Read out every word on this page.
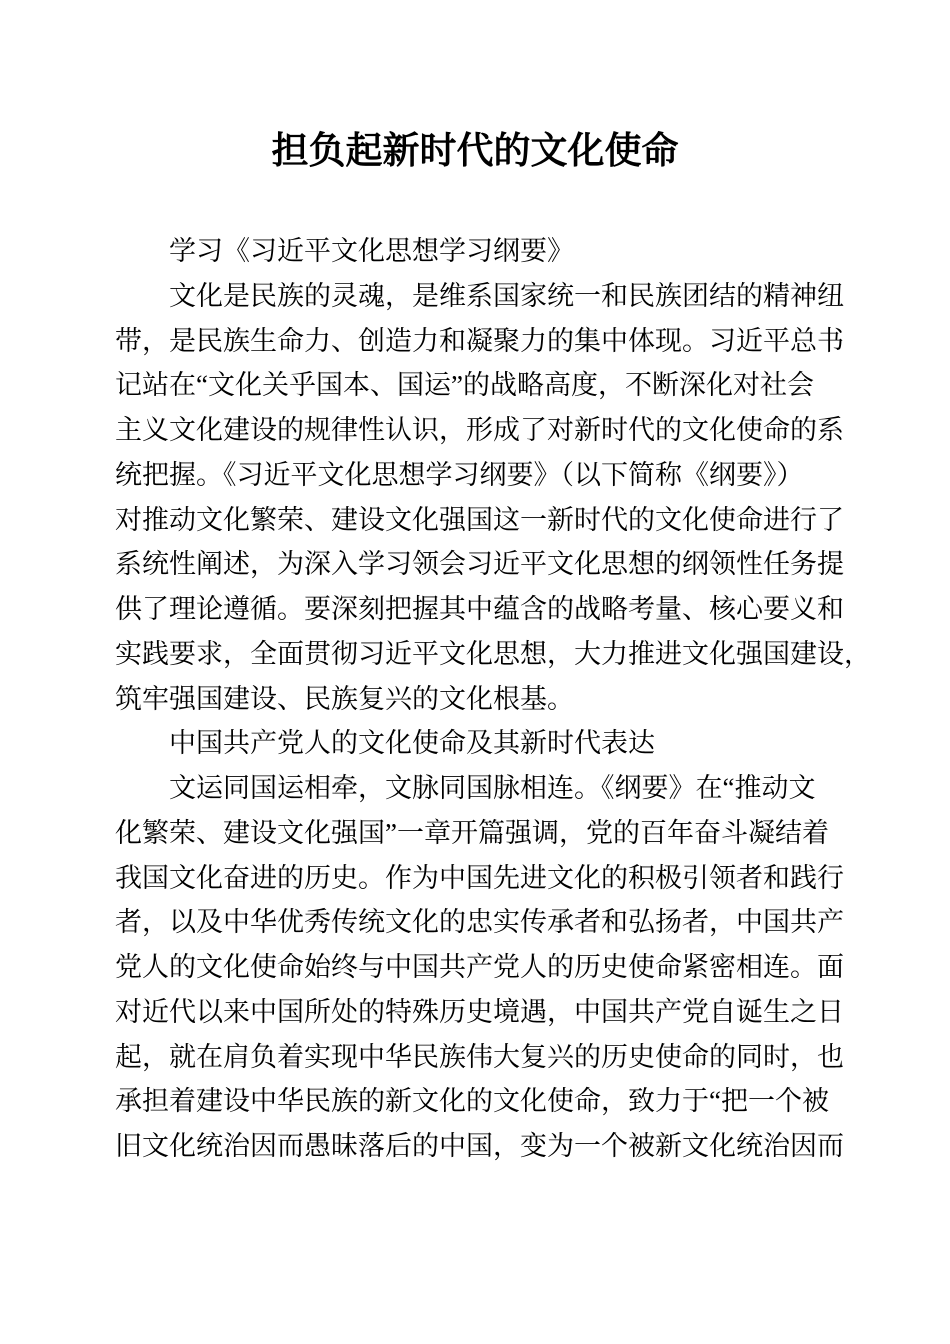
担负起新时代的文化使命

学习《习近平文化思想学习纲要》

文化是民族的灵魂，是维系国家统一和民族团结的精神纽
带，是民族生命力、创造力和凝聚力的集中体现。习近平总书
记站在“文化关乎国本、国运”的战略高度，不断深化对社会
主义文化建设的规律性认识，形成了对新时代的文化使命的系
统把握。《习近平文化思想学习纲要》（以下简称《纲要》）
对推动文化繁荣、建设文化强国这一新时代的文化使命进行了
系统性阐述，为深入学习领会习近平文化思想的纲领性任务提
供了理论遵循。要深刻把握其中蕴含的战略考量、核心要义和
实践要求，全面贯彻习近平文化思想，大力推进文化强国建设，
筑牢强国建设、民族复兴的文化根基。

中国共产党人的文化使命及其新时代表达

文运同国运相牵，文脉同国脉相连。《纲要》在“推动文
化繁荣、建设文化强国”一章开篇强调，党的百年奋斗凝结着
我国文化奋进的历史。作为中国先进文化的积极引领者和践行
者，以及中华优秀传统文化的忠实传承者和弘扬者，中国共产
党人的文化使命始终与中国共产党人的历史使命紧密相连。面
对近代以来中国所处的特殊历史境遇，中国共产党自诞生之日
起，就在肩负着实现中华民族伟大复兴的历史使命的同时，也
承担着建设中华民族的新文化的文化使命，致力于“把一个被
旧文化统治因而愚昧落后的中国，变为一个被新文化统治因而
